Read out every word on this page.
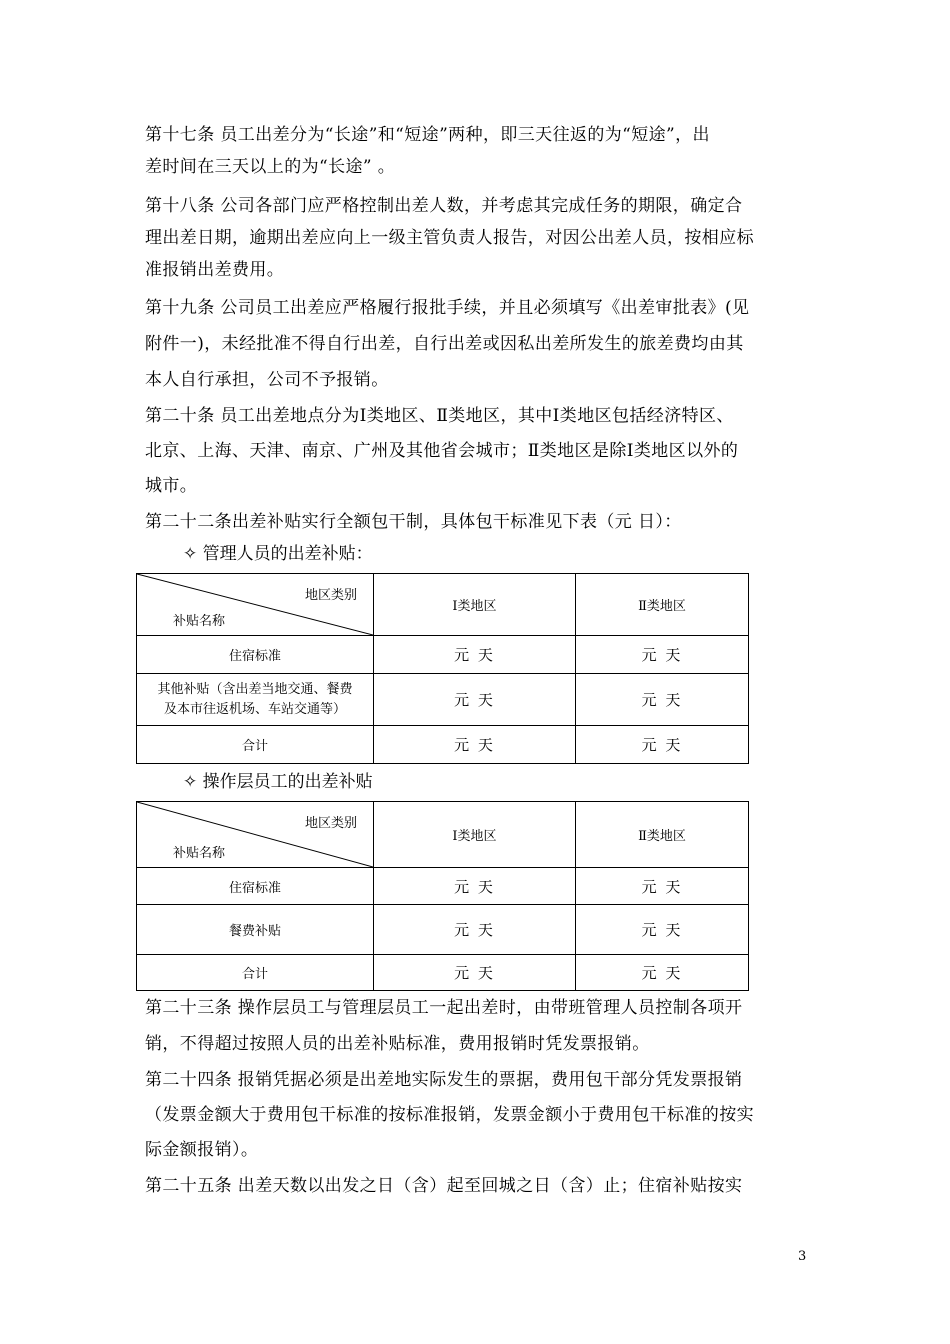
第十七条 员工出差分为“长途”和“短途”两种，即三天往返的为“短途”，出
差时间在三天以上的为“长途” 。
第十八条 公司各部门应严格控制出差人数，并考虑其完成任务的期限，确定合
理出差日期，逾期出差应向上一级主管负责人报告，对因公出差人员，按相应标
准报销出差费用。
第十九条 公司员工出差应严格履行报批手续，并且必须填写《出差审批表》(见
附件一)，未经批准不得自行出差，自行出差或因私出差所发生的旅差费均由其
本人自行承担，公司不予报销。
第二十条 员工出差地点分为Ⅰ类地区、Ⅱ类地区，其中Ⅰ类地区包括经济特区、
北京、上海、天津、南京、广州及其他省会城市；Ⅱ类地区是除Ⅰ类地区以外的
城市。
第二十二条出差补贴实行全额包干制，具体包干标准见下表（元 日）：
✧ 管理人员的出差补贴：
地区类别
补贴名称	Ⅰ类地区	Ⅱ类地区
住宿标准	元 天	元 天

其他补贴（含出差当地交通、餐费
及本市往返机场、车站交通等）	元 天	元 天
合计	元 天	元 天
✧ 操作层员工的出差补贴
地区类别
补贴名称	Ⅰ类地区	Ⅱ类地区
住宿标准	元 天	元 天
餐费补贴	元 天	元 天
合计	元 天	元 天
第二十三条 操作层员工与管理层员工一起出差时，由带班管理人员控制各项开
销，不得超过按照人员的出差补贴标准，费用报销时凭发票报销。
第二十四条 报销凭据必须是出差地实际发生的票据，费用包干部分凭发票报销
（发票金额大于费用包干标准的按标准报销，发票金额小于费用包干标准的按实
际金额报销）。
第二十五条 出差天数以出发之日（含）起至回城之日（含）止；住宿补贴按实
3
